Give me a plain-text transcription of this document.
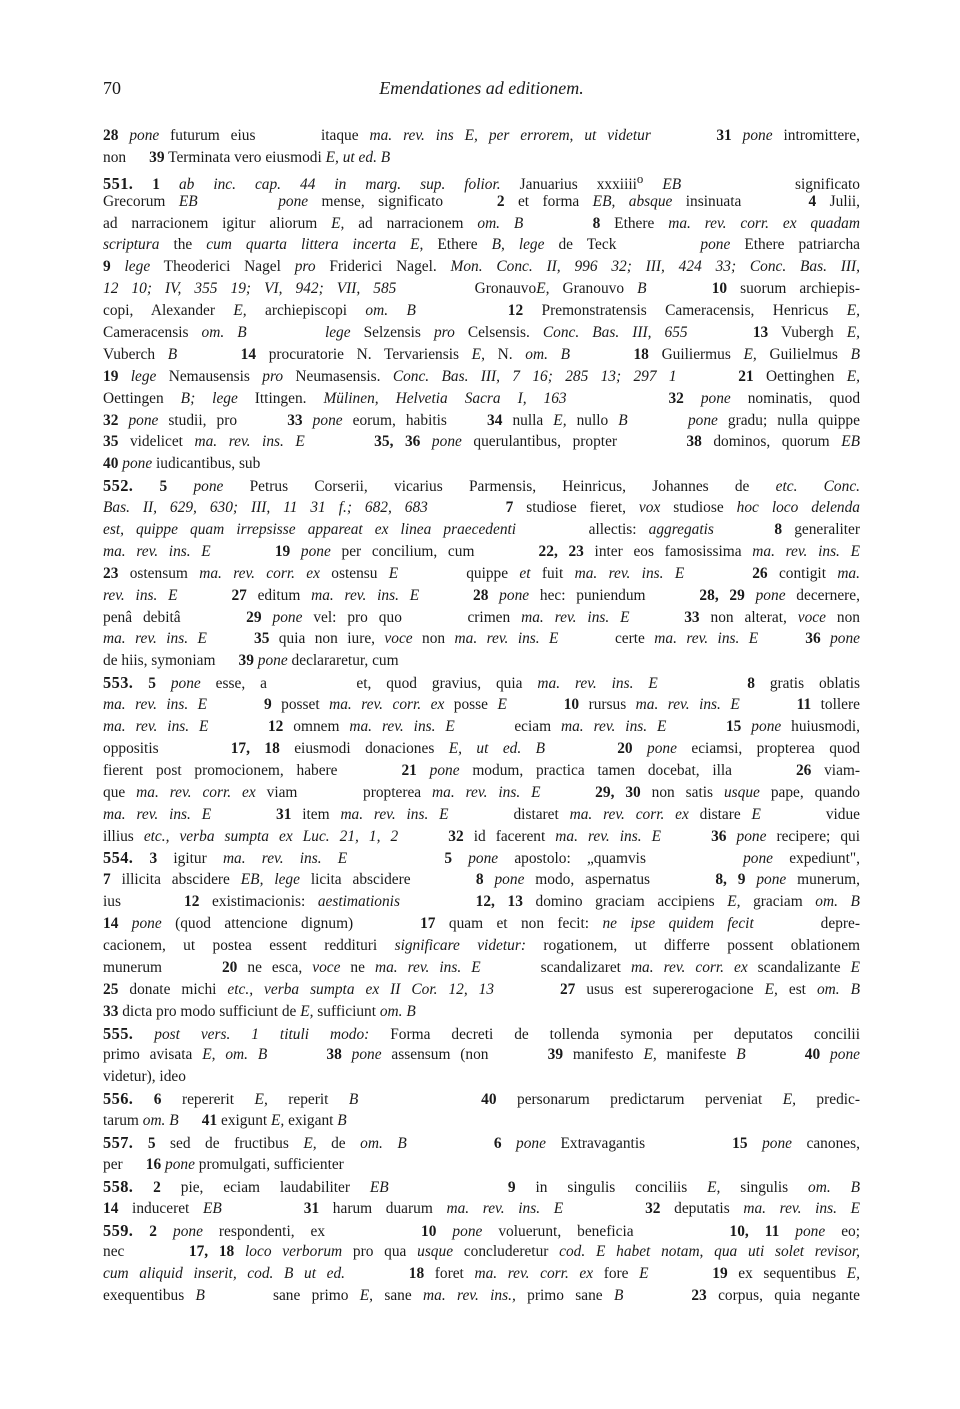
70	Emendationes ad editionem.
28 pone futurum eius      itaque ma. rev. ins E, per errorem, ut videtur	31 pone intromittere,
non      39 Terminata vero eiusmodi E, ut ed. B
551. 1 ab inc. cap. 44 in marg. sup. folior. Januarius xxxiiii$^o$ EB      significato
Grecorum EB	pone mense, significato    2 et forma EB, absque insinuata     4 Julii,
ad narracionem igitur aliorum E, ad narracionem om. B	8 Ethere ma. rev. corr. ex quadam
scriptura the cum quarta littera incerta E, Ethere B, lege de Teck      pone Ethere patriarcha
9 lege Theoderici Nagel pro Friderici Nagel. Mon. Conc. II, 996 32; III, 424 33; Conc. Bas. III,
12 10; IV, 355 19; VI, 942; VII, 585      GronauvoE, Granouvo B	10 suorum archiepis-
copi, Alexander E, archiepiscopi om. B	12 Premonstratensis Cameracensis, Henricus E,
Cameracensis om. B	lege Selzensis pro Celsensis. Conc. Bas. III, 655	13 Vubergh E,
Vuberch B	14 procuratorie N. Tervariensis E, N. om. B	18 Guiliermus E, Guilielmus B
19 lege Nemausensis pro Neumasensis. Conc. Bas. III, 7 16; 285 13; 297 1	21 Oettinghen E,
Oettingen B; lege Ittingen. Mülinen, Helvetia Sacra I, 163	32 pone nominatis, quod
32 pone studii, pro     33 pone eorum, habitis    34 nulla E, nullo B	pone gradu; nulla quippe
35 videlicet ma. rev. ins. E	35, 36 pone querulantibus, propter      38 dominos, quorum EB
40 pone iudicantibus, sub
552. 5 pone Petrus Corserii, vicarius Parmensis, Heinricus, Johannes de etc. Conc.
Bas. II, 629, 630; III, 11 31 f.; 682, 683	7 studiose fieret, vox studiose hoc loco delenda
est, quippe quam irrepsisse appareat ex linea praecedenti      allectis: aggregatis	8 generaliter
ma. rev. ins. E	19 pone per concilium, cum      22, 23 inter eos famosissima ma. rev. ins. E
23 ostensum ma. rev. corr. ex ostensu E      quippe et fuit ma. rev. ins. E	26 contigit ma.
rev. ins. E	27 editum ma. rev. ins. E	28 pone hec: puniendum     28, 29 pone decernere,
penâ debitâ      29 pone vel: pro quo      crimen ma. rev. ins. E	33 non alterat, voce non
ma. rev. ins. E	35 quia non iure, voce non ma. rev. ins. E      certe ma. rev. ins. E	36 pone
de hiis, symoniam      39 pone declararetur, cum
553. 5 pone esse, a      et, quod gravius, quia ma. rev. ins. E	8 gratis oblatis
ma. rev. ins. E	9 posset ma. rev. corr. ex posse E	10 rursus ma. rev. ins. E	11 tollere
ma. rev. ins. E	12 omnem ma. rev. ins. E      eciam ma. rev. ins. E	15 pone huiusmodi,
oppositis     17, 18 eiusmodi donaciones E, ut ed. B	20 pone eciamsi, propterea quod
fierent post promocionem, habere     21 pone modum, practica tamen docebat, illa     26 viam-
que ma. rev. corr. ex viam      propterea ma. rev. ins. E	29, 30 non satis usque pape, quando
ma. rev. ins. E	31 item ma. rev. ins. E      distaret ma. rev. corr. ex distare E      vidue
illius etc., verba sumpta ex Luc. 21, 1, 2	32 id facerent ma. rev. ins. E	36 pone recipere; qui
554. 3 igitur ma. rev. ins. E	5 pone apostolo: „quamvis      pone expediunt",
7 illicita abscidere EB, lege licita abscidere      8 pone modo, aspernatus      8, 9 pone munerum,
ius     12 existimacionis: aestimationis	12, 13 domino graciam accipiens E, graciam om. B
14 pone (quod attencione dignum)     17 quam et non fecit: ne ipse quidem fecit     depre-
cacionem, ut postea essent reddituri significare videtur: rogationem, ut differre possent oblationem
munerum      20 ne esca, voce ne ma. rev. ins. E      scandalizaret ma. rev. corr. ex scandalizante E
25 donate michi etc., verba sumpta ex II Cor. 12, 13	27 usus est supererogacione E, est om. B
33 dicta pro modo sufficiunt de E, sufficiunt om. B
555. post vers. 1 tituli modo: Forma decreti de tollenda symonia per deputatos concilii
primo avisata E, om. B	38 pone assensum (non      39 manifesto E, manifeste B	40 pone
videtur), ideo
556. 6 repererit E, reperit B	40 personarum predictarum perveniat E, predic-
tarum om. B 41 exigunt E, exigant B
557. 5 sed de fructibus E, de om. B	6 pone Extravagantis      15 pone canones,
per      16 pone promulgati, sufficienter
558. 2 pie, eciam laudabiliter EB	9 in singulis conciliis E, singulis om. B
14 induceret EB	31 harum duarum ma. rev. ins. E	32 deputatis ma. rev. ins. E
559. 2 pone respondenti, ex      10 pone voluerunt, beneficia      10, 11 pone eo;
nec      17, 18 loco verborum pro qua usque concluderetur cod. E habet notam, qua uti solet revisor,
cum aliquid inserit, cod. B ut ed.	18 foret ma. rev. corr. ex fore E	19 ex sequentibus E,
exequentibus B      sane primo E, sane ma. rev. ins., primo sane B	23 corpus, quia negante
